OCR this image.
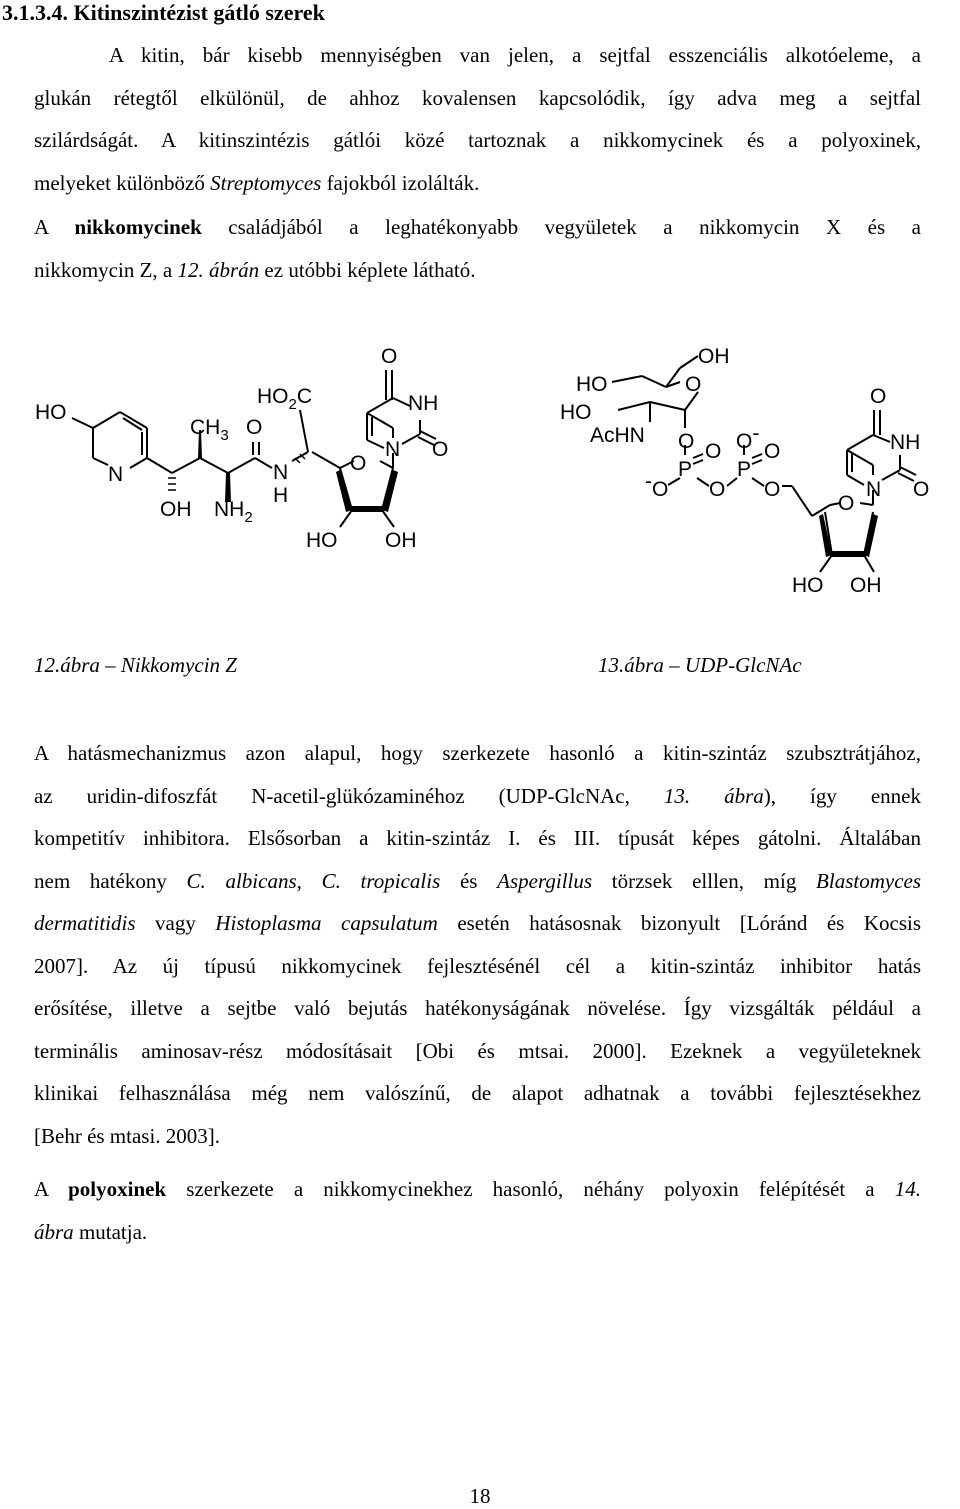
3.1.3.4. Kitinszintézist gátló szerek
A kitin, bár kisebb mennyiségben van jelen, a sejtfal esszenciális alkotóeleme, a
glukán rétegtől elkülönül, de ahhoz kovalensen kapcsolódik, így adva meg a sejtfal
szilárdságát. A kitinszintézis gátlói közé tartoznak a nikkomycinek és a polyoxinek,
melyeket különböző Streptomyces fajokból izolálták.
A nikkomycinek családjából a leghatékonyabb vegyületek a nikkomycin X és a
nikkomycin Z, a 12. ábrán ez utóbbi képlete látható.
HO
N
$CH_3$ O
OH $NH_2$
$HO_2C$
N
H
O
NH
N O
O
HO OH
OH
HO	O
HO
AcHN O O O-
P P
O
-O O O
O
NH
N O
O
HO OH
12.ábra – Nikkomycin Z	13.ábra – UDP-GlcNAc
A hatásmechanizmus azon alapul, hogy szerkezete hasonló a kitin-szintáz szubsztrátjához,
az uridin-difoszfát N-acetil-glükózaminéhoz (UDP-GlcNAc, 13. ábra), így ennek
kompetitív inhibitora. Elsősorban a kitin-szintáz I. és III. típusát képes gátolni. Általában
nem hatékony C. albicans, C. tropicalis és Aspergillus törzsek elllen, míg Blastomyces
dermatitidis vagy Histoplasma capsulatum esetén hatásosnak bizonyult [Lóránd és Kocsis
2007]. Az új típusú nikkomycinek fejlesztésénél cél a kitin-szintáz inhibitor hatás
erősítése, illetve a sejtbe való bejutás hatékonyságának növelése. Így vizsgálták például a
terminális aminosav-rész módosításait [Obi és mtsai. 2000]. Ezeknek a vegyületeknek
klinikai felhasználása még nem valószínű, de alapot adhatnak a további fejlesztésekhez
[Behr és mtasi. 2003].
A polyoxinek szerkezete a nikkomycinekhez hasonló, néhány polyoxin felépítését a 14.
ábra mutatja.
18
